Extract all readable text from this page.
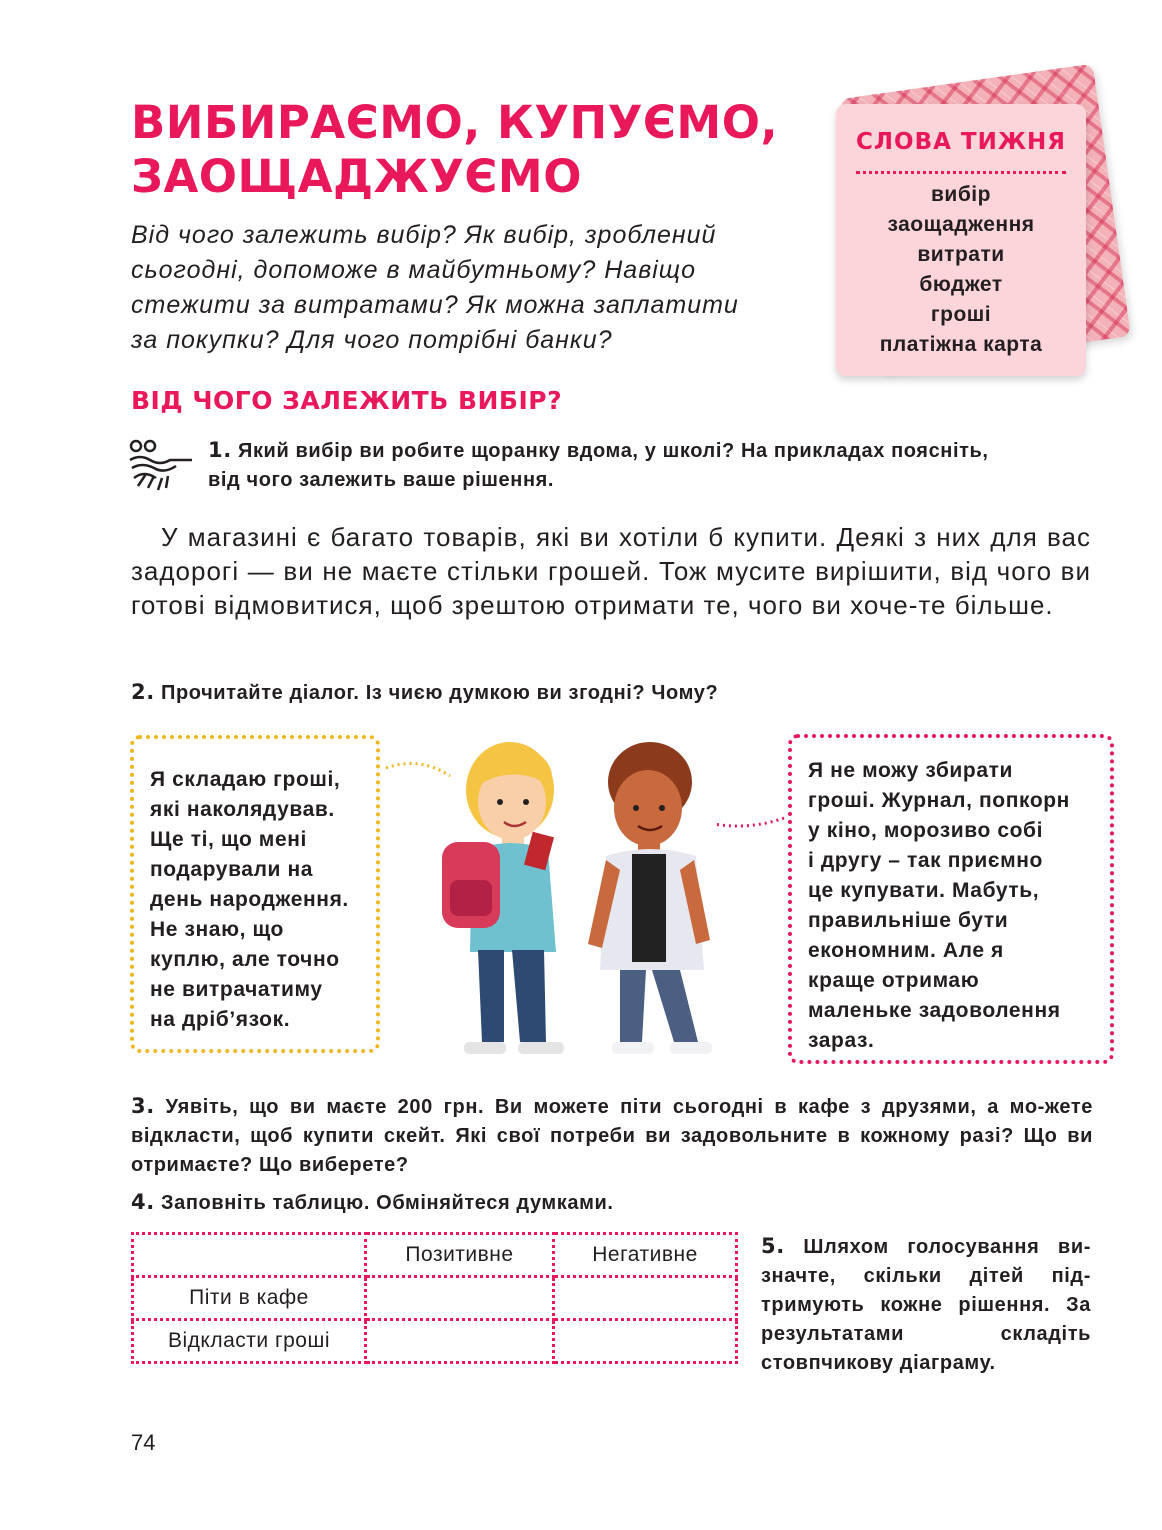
ВИБИРАЄМО, КУПУЄМО,
ЗАОЩАДЖУЄМО
Від чого залежить вибір? Як вибір, зроблений
сьогодні, допоможе в майбутньому? Навіщо
стежити за витратами? Як можна заплатити
за покупки? Для чого потрібні банки?
СЛОВА ТИЖНЯ
вибір
заощадження
витрати
бюджет
гроші
платіжна карта
ВІД ЧОГО ЗАЛЕЖИТЬ ВИБІР?
1. Який вибір ви робите щоранку вдома, у школі? На прикладах поясніть,
від чого залежить ваше рішення.
У магазині є багато товарів, які ви хотіли б купити. Деякі з них для вас задорогі — ви не маєте стільки грошей. Тож мусите вирішити, від чого ви готові відмовитися, щоб зрештою отримати те, чого ви хоче-те більше.
2. Прочитайте діалог. Із чиєю думкою ви згодні? Чому?
Я складаю гроші,
які наколядував.
Ще ті, що мені
подарували на
день народження.
Не знаю, що
куплю, але точно
не витрачатиму
на дріб’язок.
Я не можу збирати
гроші. Журнал, попкорн
у кіно, морозиво собі
і другу – так приємно
це купувати. Мабуть,
правильніше бути
економним. Але я
краще отримаю
маленьке задоволення
зараз.
3. Уявіть, що ви маєте 200 грн. Ви можете піти сьогодні в кафе з друзями, а мо-жете відкласти, щоб купити скейт. Які свої потреби ви задовольните в кожному разі? Що ви отримаєте? Що виберете?
4. Заповніть таблицю. Обміняйтеся думками.
	Позитивне	Негативне
Піти в кафе		
Відкласти гроші		
5. Шляхом голосування ви-значте, скільки дітей під-тримують кожне рішення. За результатами складіть стовпчикову діаграму.
74
